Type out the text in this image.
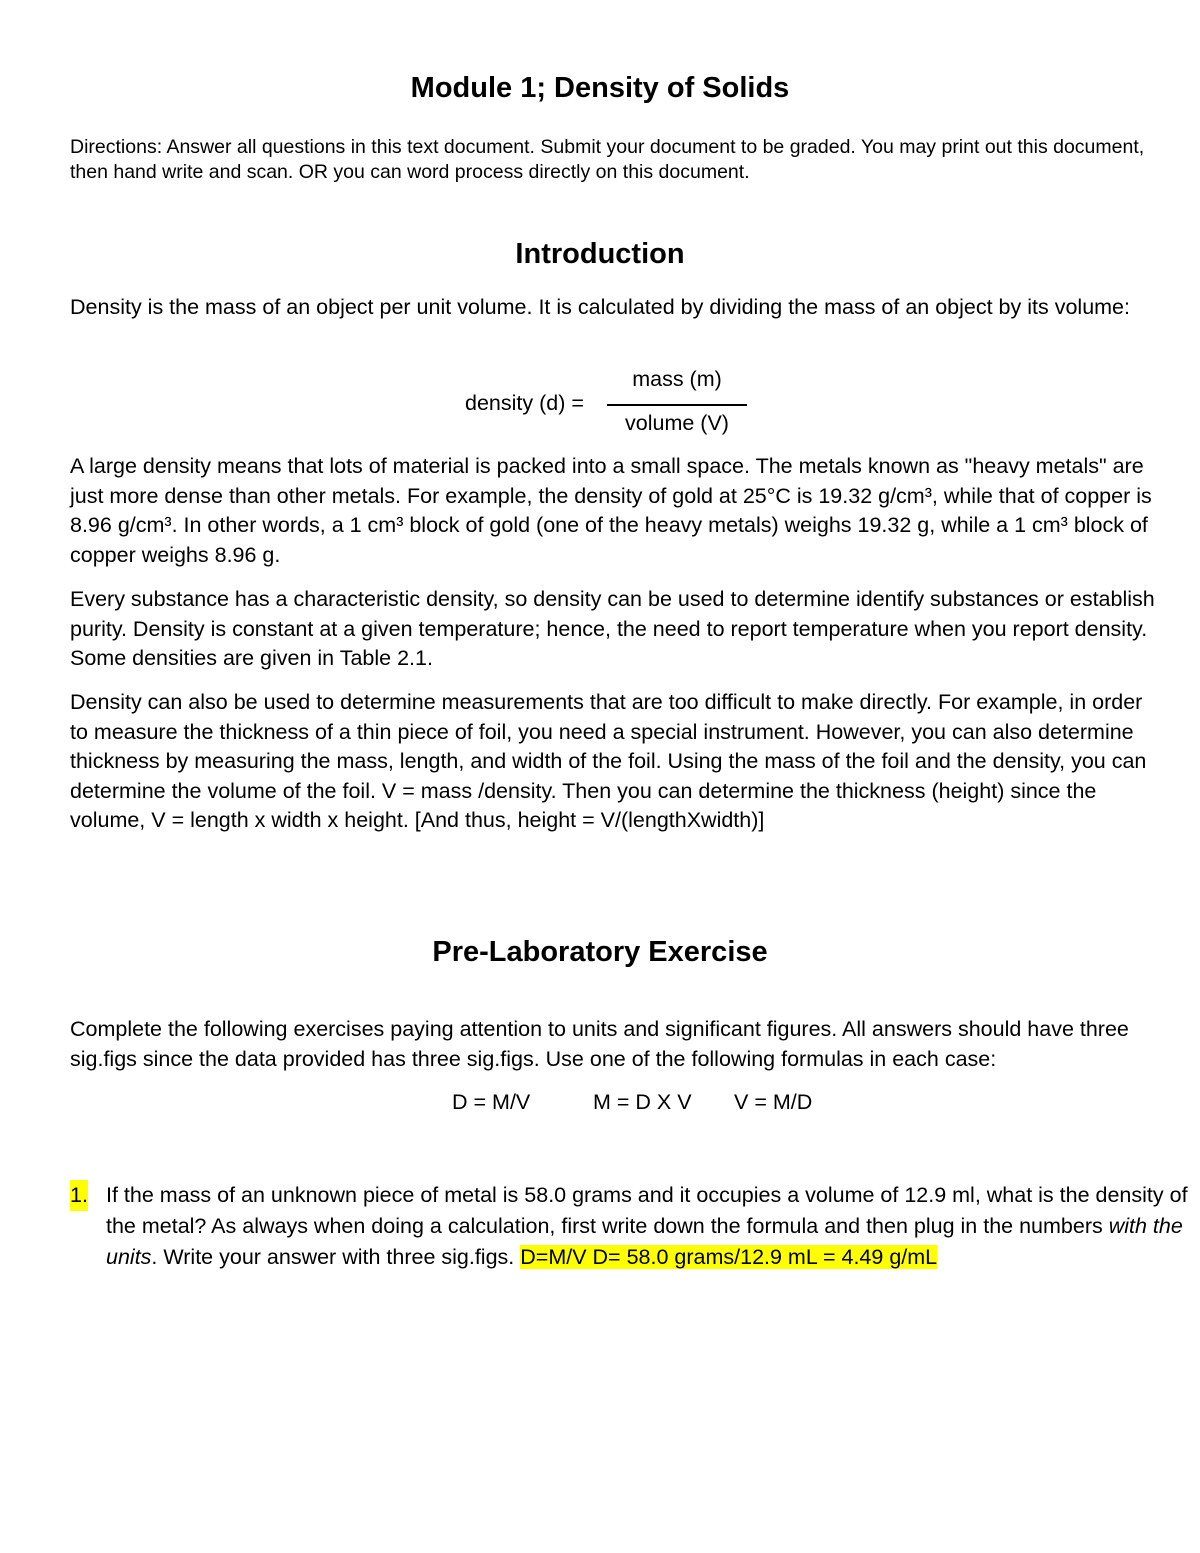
Module 1; Density of Solids
Directions: Answer all questions in this text document. Submit your document to be graded. You may print out this document, then hand write and scan. OR you can word process directly on this document.
Introduction
Density is the mass of an object per unit volume. It is calculated by dividing the mass of an object by its volume:
density (d) =
mass (m)
volume (V)
A large density means that lots of material is packed into a small space. The metals known as "heavy metals" are just more dense than other metals. For example, the density of gold at 25°C is 19.32 g/cm³, while that of copper is 8.96 g/cm³. In other words, a 1 cm³ block of gold (one of the heavy metals) weighs 19.32 g, while a 1 cm³ block of copper weighs 8.96 g.
Every substance has a characteristic density, so density can be used to determine identify substances or establish purity. Density is constant at a given temperature; hence, the need to report temperature when you report density. Some densities are given in Table 2.1.
Density can also be used to determine measurements that are too difficult to make directly. For example, in order to measure the thickness of a thin piece of foil, you need a special instrument. However, you can also determine thickness by measuring the mass, length, and width of the foil. Using the mass of the foil and the density, you can determine the volume of the foil. V = mass /density. Then you can determine the thickness (height) since the volume, V = length x width x height. [And thus, height = V/(lengthXwidth)]
Pre-Laboratory Exercise
Complete the following exercises paying attention to units and significant figures. All answers should have three sig.figs since the data provided has three sig.figs. Use one of the following formulas in each case:
D = M/V	M = D X V V = M/D
1. If the mass of an unknown piece of metal is 58.0 grams and it occupies a volume of 12.9 ml, what is the density of the metal? As always when doing a calculation, first write down the formula and then plug in the numbers with the units. Write your answer with three sig.figs. D=M/V D= 58.0 grams/12.9 mL = 4.49 g/mL
